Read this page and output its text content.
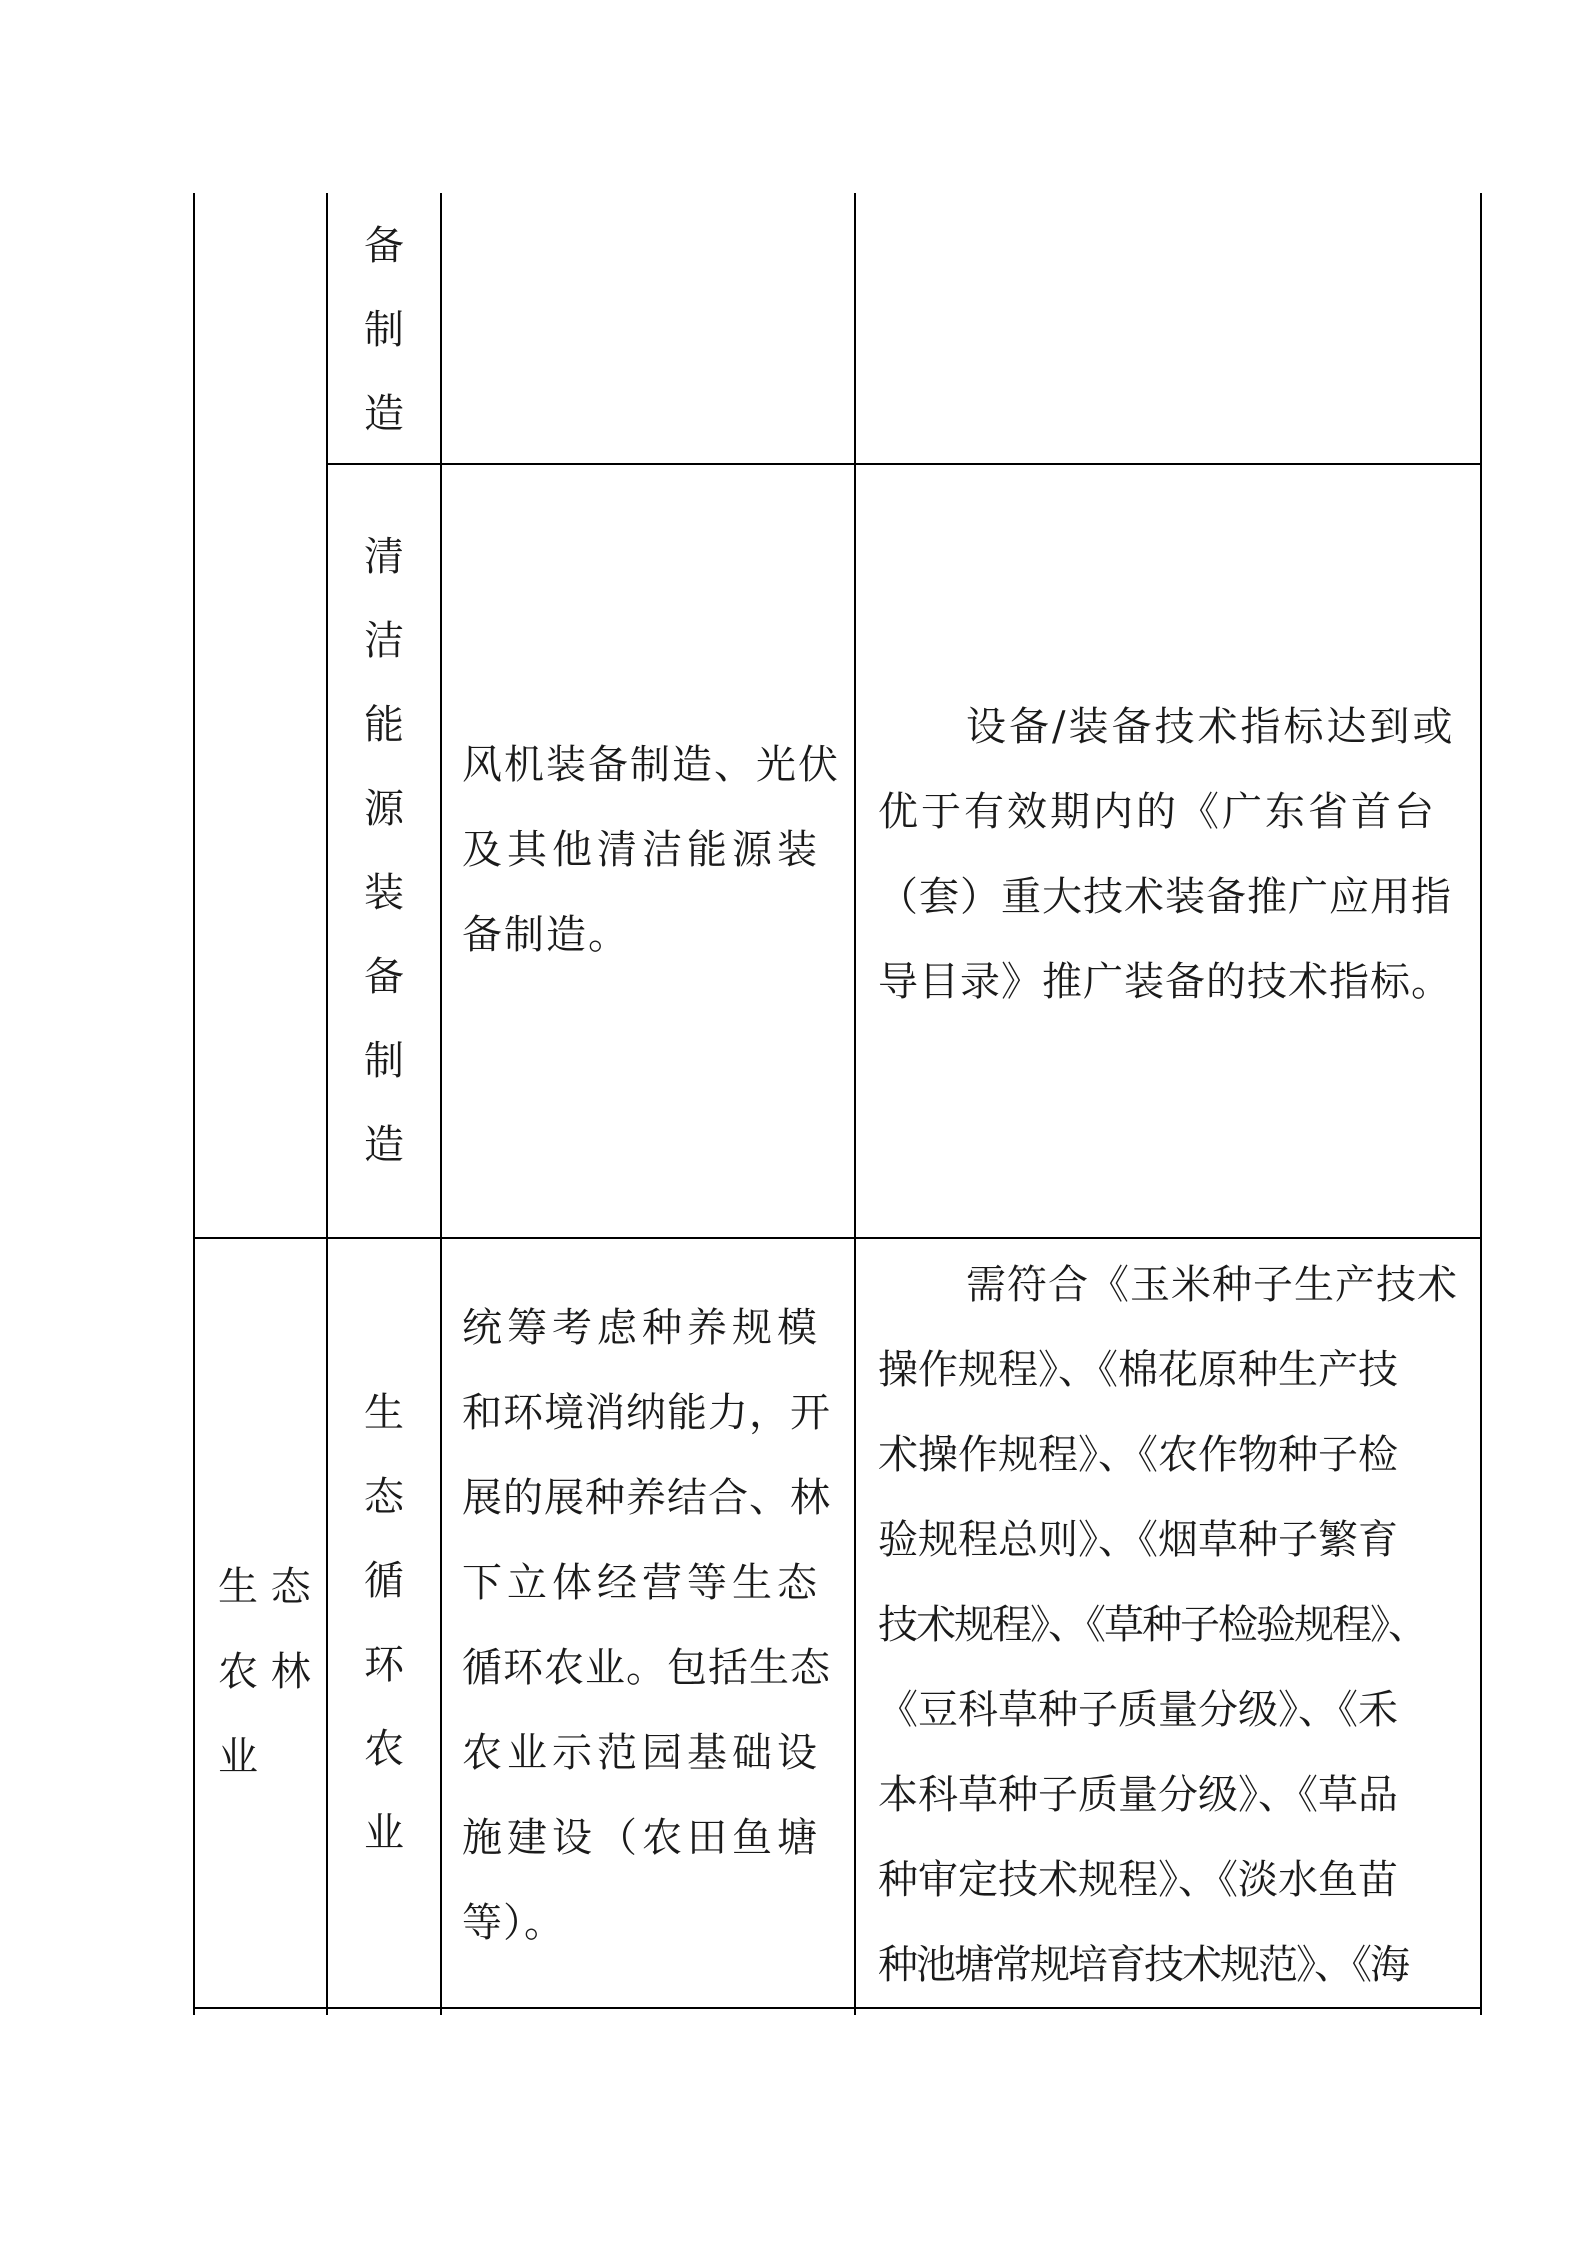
备
制
造
清
洁
能
源
装
备
制
造
风机装备制造、光伏
及其他清洁能源装
备制造。
设备/装备技术指标达到或
优于有效期内的《广东省首台
（套）重大技术装备推广应用指
导目录》推广装备的技术指标。
生 态
农 林
业
生
态
循
环
农
业
统筹考虑种养规模
和环境消纳能力，开
展的展种养结合、林
下立体经营等生态
循环农业。包括生态
农业示范园基础设
施建设（农田鱼塘
等）。
需符合《玉米种子生产技术
操作规程》、《棉花原种生产技
术操作规程》、《农作物种子检
验规程总则》、《烟草种子繁育
技术规程》、《草种子检验规程》、
《豆科草种子质量分级》、《禾
本科草种子质量分级》、《草品
种审定技术规程》、《淡水鱼苗
种池塘常规培育技术规范》、《海
